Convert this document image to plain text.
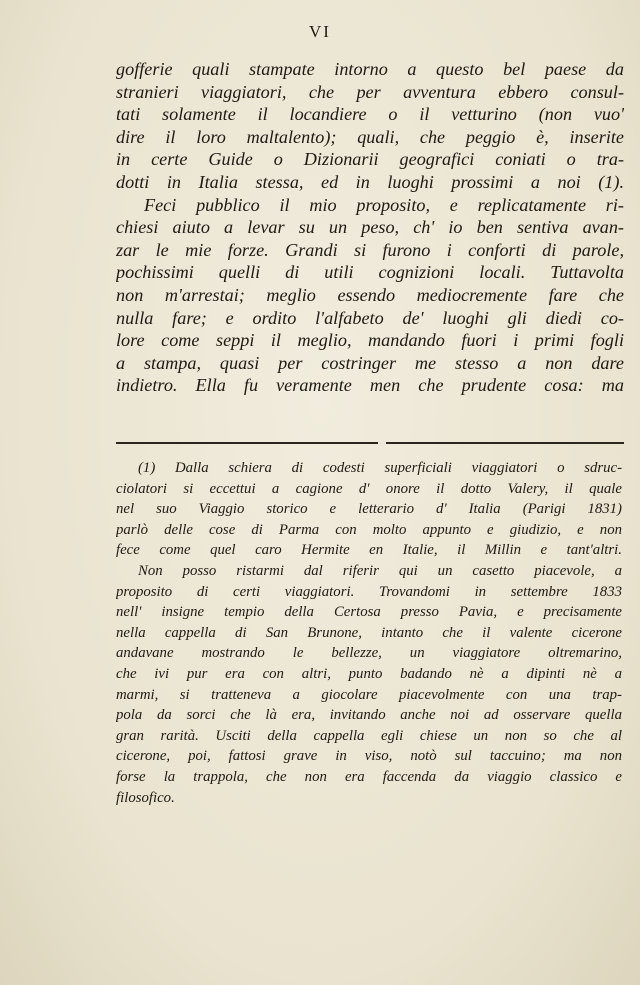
VI
gofferie quali stampate intorno a questo bel paese da
stranieri viaggiatori, che per avventura ebbero consul-
tati solamente il locandiere o il vetturino (non vuo'
dire il loro maltalento); quali, che peggio è, inserite
in certe Guide o Dizionarii geografici coniati o tra-
dotti in Italia stessa, ed in luoghi prossimi a noi (1).
Feci pubblico il mio proposito, e replicatamente ri-
chiesi aiuto a levar su un peso, ch' io ben sentiva avan-
zar le mie forze. Grandi si furono i conforti di parole,
pochissimi quelli di utili cognizioni locali. Tuttavolta
non m'arrestai; meglio essendo mediocremente fare che
nulla fare; e ordito l'alfabeto de' luoghi gli diedi co-
lore come seppi il meglio, mandando fuori i primi fogli
a stampa, quasi per costringer me stesso a non dare
indietro. Ella fu veramente men che prudente cosa: ma
(1) Dalla schiera di codesti superficiali viaggiatori o sdruc-
ciolatori si eccettui a cagione d' onore il dotto Valery, il quale
nel suo Viaggio storico e letterario d' Italia (Parigi 1831)
parlò delle cose di Parma con molto appunto e giudizio, e non
fece come quel caro Hermite en Italie, il Millin e tant'altri.
Non posso ristarmi dal riferir qui un casetto piacevole, a
proposito di certi viaggiatori. Trovandomi in settembre 1833
nell' insigne tempio della Certosa presso Pavia, e precisamente
nella cappella di San Brunone, intanto che il valente cicerone
andavane mostrando le bellezze, un viaggiatore oltremarino,
che ivi pur era con altri, punto badando nè a dipinti nè a
marmi, si tratteneva a giocolare piacevolmente con una trap-
pola da sorci che là era, invitando anche noi ad osservare quella
gran rarità. Usciti della cappella egli chiese un non so che al
cicerone, poi, fattosi grave in viso, notò sul taccuino; ma non
forse la trappola, che non era faccenda da viaggio classico e
filosofico.
